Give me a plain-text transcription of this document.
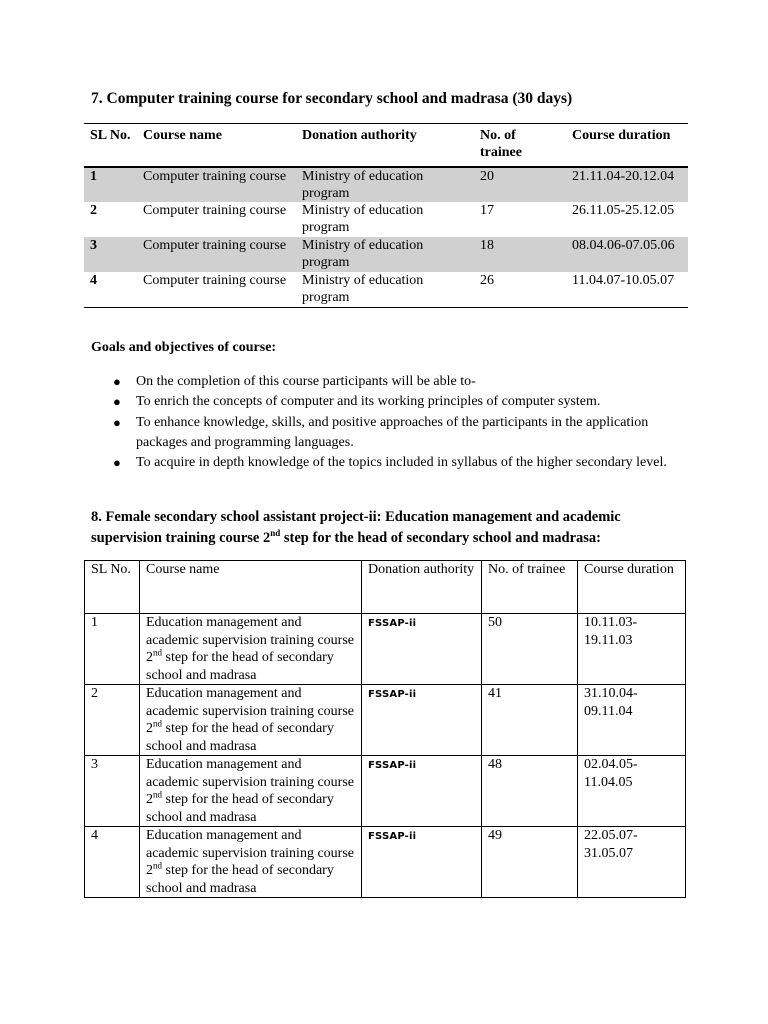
7. Computer training course for secondary school and madrasa (30 days)
SL No.	Course name	Donation authority	No. of trainee	Course duration
1	Computer training course	Ministry of education program	20	21.11.04-20.12.04
2	Computer training course	Ministry of education program	17	26.11.05-25.12.05
3	Computer training course	Ministry of education program	18	08.04.06-07.05.06
4	Computer training course	Ministry of education program	26	11.04.07-10.05.07
Goals and objectives of course:
● On the completion of this course participants will be able to-
● To enrich the concepts of computer and its working principles of computer system.
● To enhance knowledge, skills, and positive approaches of the participants in the application packages and programming languages.
● To acquire in depth knowledge of the topics included in syllabus of the higher secondary level.
8. Female secondary school assistant project-ii: Education management and academic supervision training course 2nd step for the head of secondary school and madrasa:
SL No.	Course name	Donation authority	No. of trainee	Course duration
1	Education management and academic supervision training course 2nd step for the head of secondary school and madrasa	FSSAP-ii	50	10.11.03-19.11.03
2	Education management and academic supervision training course 2nd step for the head of secondary school and madrasa	FSSAP-ii	41	31.10.04-09.11.04
3	Education management and academic supervision training course 2nd step for the head of secondary school and madrasa	FSSAP-ii	48	02.04.05-11.04.05
4	Education management and academic supervision training course 2nd step for the head of secondary school and madrasa	FSSAP-ii	49	22.05.07-31.05.07
